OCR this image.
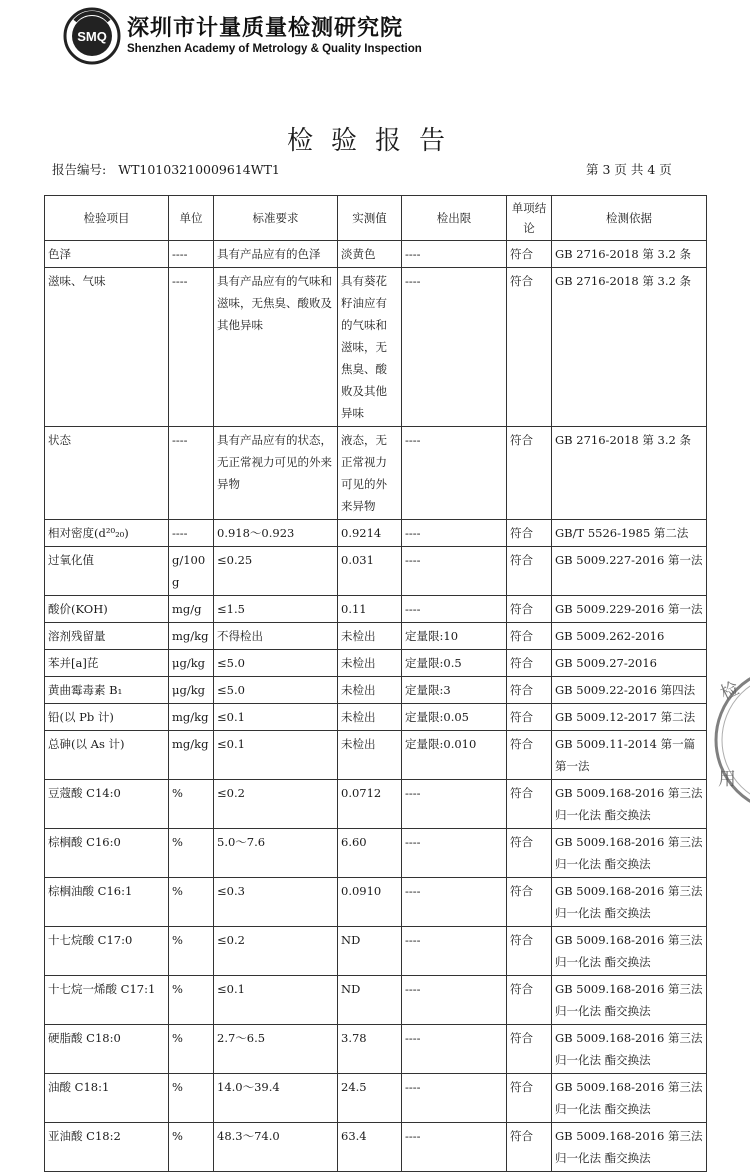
SMQ 深圳市计量质量检测研究院
Shenzhen Academy of Metrology & Quality Inspection
检验报告
报告编号: WT10103210009614WT1	第 3 页 共 4 页
检验项目	单位	标准要求	实测值	检出限	单项结论	检测依据
色泽	----	具有产品应有的色泽	淡黄色	----	符合	GB 2716-2018 第 3.2 条
滋味、气味	----	具有产品应有的气味和滋味，无焦臭、酸败及其他异味	具有葵花籽油应有的气味和滋味，无焦臭、酸败及其他异味	----	符合	GB 2716-2018 第 3.2 条
状态	----	具有产品应有的状态，无正常视力可见的外来异物	液态，无正常视力可见的外来异物	----	符合	GB 2716-2018 第 3.2 条
相对密度(d²⁰₂₀)	----	0.918～0.923	0.9214	----	符合	GB/T 5526-1985 第二法
过氧化值	g/100g	≤0.25	0.031	----	符合	GB 5009.227-2016 第一法
酸价(KOH)	mg/g	≤1.5	0.11	----	符合	GB 5009.229-2016 第一法
溶剂残留量	mg/kg	不得检出	未检出	定量限:10	符合	GB 5009.262-2016
苯并[a]芘	μg/kg	≤5.0	未检出	定量限:0.5	符合	GB 5009.27-2016
黄曲霉毒素 B₁	μg/kg	≤5.0	未检出	定量限:3	符合	GB 5009.22-2016 第四法
铅(以 Pb 计)	mg/kg	≤0.1	未检出	定量限:0.05	符合	GB 5009.12-2017 第二法
总砷(以 As 计)	mg/kg	≤0.1	未检出	定量限:0.010	符合	GB 5009.11-2014 第一篇 第一法
豆蔻酸 C14:0	%	≤0.2	0.0712	----	符合	GB 5009.168-2016 第三法 归一化法 酯交换法
棕榈酸 C16:0	%	5.0～7.6	6.60	----	符合	GB 5009.168-2016 第三法 归一化法 酯交换法
棕榈油酸 C16:1	%	≤0.3	0.0910	----	符合	GB 5009.168-2016 第三法 归一化法 酯交换法
十七烷酸 C17:0	%	≤0.2	ND	----	符合	GB 5009.168-2016 第三法 归一化法 酯交换法
十七烷一烯酸 C17:1	%	≤0.1	ND	----	符合	GB 5009.168-2016 第三法 归一化法 酯交换法
硬脂酸 C18:0	%	2.7～6.5	3.78	----	符合	GB 5009.168-2016 第三法 归一化法 酯交换法
油酸 C18:1	%	14.0～39.4	24.5	----	符合	GB 5009.168-2016 第三法 归一化法 酯交换法
亚油酸 C18:2	%	48.3～74.0	63.4	----	符合	GB 5009.168-2016 第三法 归一化法 酯交换法
检
用
